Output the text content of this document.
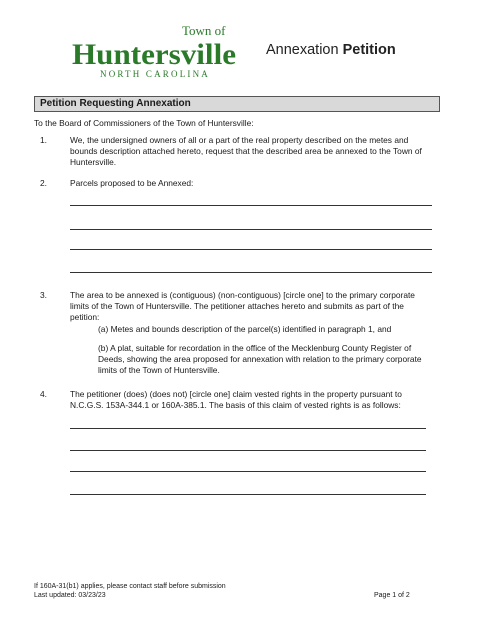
Town of
Huntersville
NORTH CAROLINA
Annexation Petition
Petition Requesting Annexation
To the Board of Commissioners of the Town of Huntersville:
1.	We, the undersigned owners of all or a part of the real property described on the metes and bounds description attached hereto, request that the described area be annexed to the Town of Huntersville.
2.	Parcels proposed to be Annexed:
3.	The area to be annexed is (contiguous) (non-contiguous) [circle one] to the primary corporate limits of the Town of Huntersville. The petitioner attaches hereto and submits as part of the petition:
(a) Metes and bounds description of the parcel(s) identified in paragraph 1, and
(b) A plat, suitable for recordation in the office of the Mecklenburg County Register of Deeds, showing the area proposed for annexation with relation to the primary corporate limits of the Town of Huntersville.
4.	The petitioner (does) (does not) [circle one] claim vested rights in the property pursuant to N.C.G.S. 153A-344.1 or 160A-385.1. The basis of this claim of vested rights is as follows:
If 160A-31(b1) applies, please contact staff before submission
Last updated: 03/23/23	Page 1 of 2
